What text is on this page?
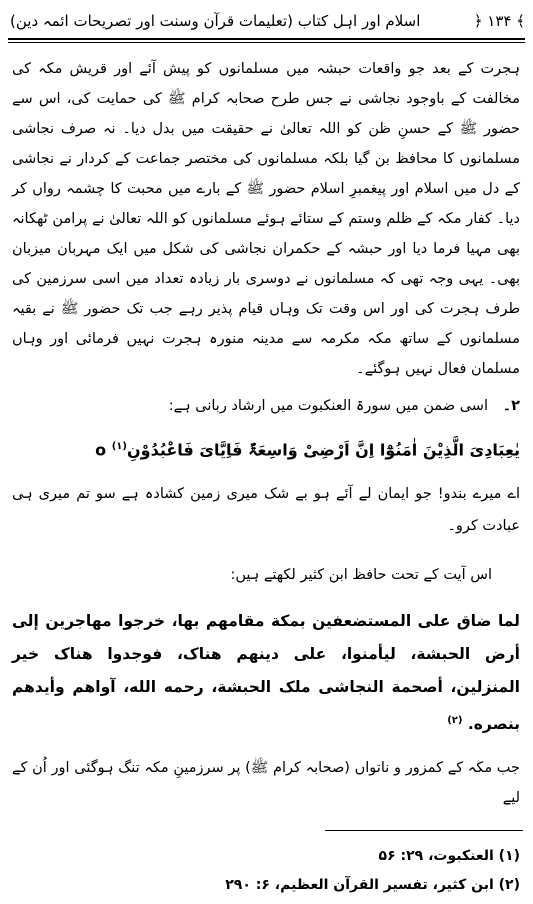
اسلام اور اہل کتاب (تعلیمات قرآن وسنت اور تصریحات ائمہ دین)	﴿ ۱۳۴ ﴾
ہجرت کے بعد جو واقعات حبشہ میں مسلمانوں کو پیش آئے اور قریش مکہ کی مخالفت کے باوجود نجاشی نے جس طرح صحابہ کرام ﷺ کی حمایت کی، اس سے حضور ﷺ کے حسنِ ظن کو اللہ تعالیٰ نے حقیقت میں بدل دیا۔ نہ صرف نجاشی مسلمانوں کا محافظ بن گیا بلکہ مسلمانوں کی مختصر جماعت کے کردار نے نجاشی کے دل میں اسلام اور پیغمبرِ اسلام حضور ﷺ کے بارے میں محبت کا چشمہ رواں کر دیا۔ کفار مکہ کے ظلم وستم کے ستائے ہوئے مسلمانوں کو اللہ تعالیٰ نے پرامن ٹھکانہ بھی مہیا فرما دیا اور حبشہ کے حکمران نجاشی کی شکل میں ایک مہربان میزبان بھی۔ یہی وجہ تھی کہ مسلمانوں نے دوسری بار زیادہ تعداد میں اسی سرزمین کی طرف ہجرت کی اور اس وقت تک وہاں قیام پذیر رہے جب تک حضور ﷺ نے بقیہ مسلمانوں کے ساتھ مکہ مکرمہ سے مدینہ منورہ ہجرت نہیں فرمائی اور وہاں مسلمان فعال نہیں ہوگئے۔
۲۔
اسی ضمن میں سورۃ العنکبوت میں ارشاد ربانی ہے:
یٰعِبَادِیَ الَّذِیْنَ اٰمَنُوْٓا اِنَّ اَرْضِیْ وَاسِعَۃٌ فَاِیَّایَ فَاعْبُدُوْنِo $^{(۱)}$
اے میرے بندو! جو ایمان لے آئے ہو بے شک میری زمین کشادہ ہے سو تم میری ہی عبادت کرو۔
اس آیت کے تحت حافظ ابن کثیر لکھتے ہیں:
لما ضاق علی المستضعفین بمکة مقامھم بھا، خرجوا مھاجرین إلی أرض الحبشة، لیأمنوا، علی دینھم ھناک، فوجدوا ھناک خیر المنزلین، أصحمة النجاشی ملک الحبشة، رحمه الله، آواھم وأیدھم بنصره. $^{(۲)}$
جب مکہ کے کمزور و ناتواں (صحابہ کرام ﷺ) پر سرزمینِ مکہ تنگ ہوگئی اور اُن کے لیے
(۱) العنکبوت، ۲۹: ۵۶
(۲) ابن کثیر، تفسیر القرآن العظیم، ۶: ۲۹۰
